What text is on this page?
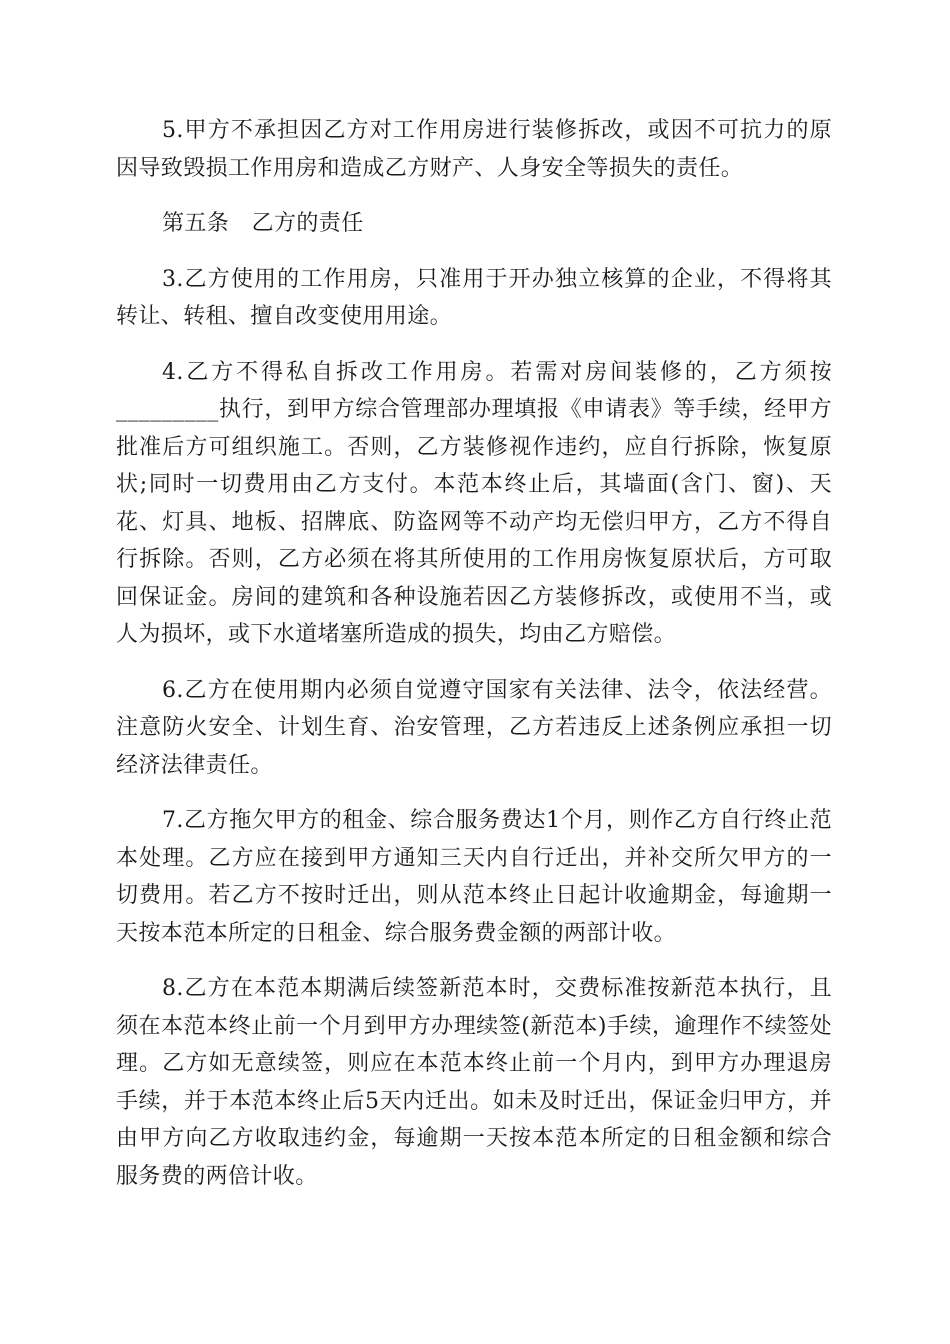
5.甲方不承担因乙方对工作用房进行装修拆改，或因不可抗力的原因导致毁损工作用房和造成乙方财产、人身安全等损失的责任。

第五条　乙方的责任

3.乙方使用的工作用房，只准用于开办独立核算的企业，不得将其转让、转租、擅自改变使用用途。

4.乙方不得私自拆改工作用房。若需对房间装修的，乙方须按_________执行，到甲方综合管理部办理填报《申请表》等手续，经甲方批准后方可组织施工。否则，乙方装修视作违约，应自行拆除，恢复原状;同时一切费用由乙方支付。本范本终止后，其墙面(含门、窗)、天花、灯具、地板、招牌底、防盗网等不动产均无偿归甲方，乙方不得自行拆除。否则，乙方必须在将其所使用的工作用房恢复原状后，方可取回保证金。房间的建筑和各种设施若因乙方装修拆改，或使用不当，或人为损坏，或下水道堵塞所造成的损失，均由乙方赔偿。

6.乙方在使用期内必须自觉遵守国家有关法律、法令，依法经营。注意防火安全、计划生育、治安管理，乙方若违反上述条例应承担一切经济法律责任。

7.乙方拖欠甲方的租金、综合服务费达1个月，则作乙方自行终止范本处理。乙方应在接到甲方通知三天内自行迁出，并补交所欠甲方的一切费用。若乙方不按时迁出，则从范本终止日起计收逾期金，每逾期一天按本范本所定的日租金、综合服务费金额的两部计收。

8.乙方在本范本期满后续签新范本时，交费标准按新范本执行，且须在本范本终止前一个月到甲方办理续签(新范本)手续，逾理作不续签处理。乙方如无意续签，则应在本范本终止前一个月内，到甲方办理退房手续，并于本范本终止后5天内迁出。如未及时迁出，保证金归甲方，并由甲方向乙方收取违约金，每逾期一天按本范本所定的日租金额和综合服务费的两倍计收。
